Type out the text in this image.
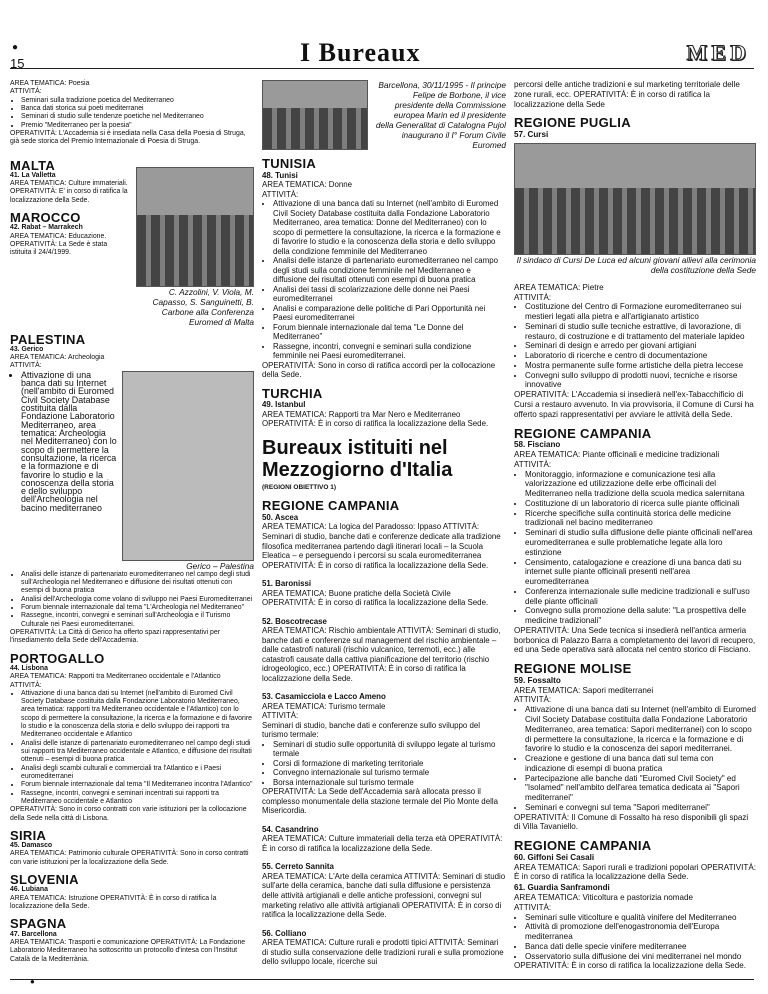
●
15	I Bureaux	MED

AREA TEMATICA: Poesia

ATTIVITÀ:

• Seminari sulla tradizione poetica del Mediterraneo
• Banca dati storica sui poeti mediterranei
• Seminari di studio sulle tendenze poetiche nel Mediterraneo
• Premio "Mediterraneo per la poesia"

OPERATIVITÀ: L'Accademia si è insediata nella Casa della Poesia di Struga, già sede storica del Premio Internazionale di Poesia di Struga.

MALTA
41. La Valletta

AREA TEMATICA: Culture immateriali. OPERATIVITÀ: E' in corso di ratifica la localizzazione della Sede.

MAROCCO
42. Rabat – Marrakech

AREA TEMATICA: Educazione. OPERATIVITÀ: La Sede è stata istituita il 24/4/1999.

C. Azzolini, V. Viola, M. Capasso, S. Sanguinetti, B. Carbone alla Conferenza Euromed di Malta
PALESTINA
43. Gerico

AREA TEMATICA: Archeologia

ATTIVITÀ:

• Attivazione di una banca dati su Internet (nell'ambito di Euromed Civil Society Database costituita dalla Fondazione Laboratorio Mediterraneo, area tematica: Archeologia nel Mediterraneo) con lo scopo di permettere la consultazione, la ricerca e la formazione e di favorire lo studio e la conoscenza della storia e dello sviluppo dell'Archeologia nel bacino mediterraneo
Gerico – Palestina
• Analisi delle istanze di partenariato euromediterraneo nel campo degli studi sull'Archeologia nel Mediterraneo e diffusione dei risultati ottenuti con esempi di buona pratica
• Analisi dell'Archeologia come volano di sviluppo nei Paesi Euromediterranei
• Forum biennale internazionale dal tema "L'Archeologia nel Mediterraneo"
• Rassegne, incontri, convegni e seminari sull'Archeologia e il Turismo Culturale nei Paesi euromediterranei.

OPERATIVITÀ: La Città di Gerico ha offerto spazi rappresentativi per l'insediamento della Sede dell'Accademia.

PORTOGALLO
44. Lisbona

AREA TEMATICA: Rapporti tra Mediterraneo occidentale e l'Atlantico

ATTIVITÀ:

• Attivazione di una banca dati su Internet (nell'ambito di Euromed Civil Society Database costituita dalla Fondazione Laboratorio Mediterraneo, area tematica: rapporti tra Mediterraneo occidentale e l'Atlantico) con lo scopo di permettere la consultazione, la ricerca e la formazione e di favorire lo studio e la conoscenza della storia e dello sviluppo dei rapporti tra Mediterraneo occidentale e Atlantico
• Analisi delle istanze di partenariato euromediterraneo nel campo degli studi sui rapporti tra Mediterraneo occidentale e Atlantico, e diffusione dei risultati ottenuti – esempi di buona pratica
• Analisi degli scambi culturali e commerciali tra l'Atlantico e i Paesi euromediterranei
• Forum biennale internazionale dal tema "Il Mediterraneo incontra l'Atlantico"
• Rassegne, incontri, convegni e seminari incentrati sui rapporti tra Mediterraneo occidentale e Atlantico

OPERATIVITÀ: Sono in corso contratti con varie istituzioni per la collocazione della Sede nella città di Lisbona.

SIRIA
45. Damasco

AREA TEMATICA: Patrimonio culturale OPERATIVITÀ: Sono in corso contratti con varie istituzioni per la localizzazione della Sede.

SLOVENIA
46. Lubiana

AREA TEMATICA: Istruzione OPERATIVITÀ: È in corso di ratifica la localizzazione della Sede.

SPAGNA
47. Barcellona

AREA TEMATICA: Trasporti e comunicazione OPERATIVITÀ: La Fondazione Laboratorio Mediterraneo ha sottoscritto un protocollo d'intesa con l'Institut Català de la Mediterrània.

Barcellona, 30/11/1995 - Il principe Felipe de Borbone, il vice presidente della Commissione europea Marin ed il presidente della Generalitat di Catalogna Pujol inaugurano il I° Forum Civile Euromed
TUNISIA
48. Tunisi

AREA TEMATICA: Donne

ATTIVITÀ:

• Attivazione di una banca dati su Internet (nell'ambito di Euromed Civil Society Database costituita dalla Fondazione Laboratorio Mediterraneo, area tematica: Donne del Mediterraneo) con lo scopo di permettere la consultazione, la ricerca e la formazione e di favorire lo studio e la conoscenza della storia e dello sviluppo della condizione femminile del Mediterraneo
• Analisi delle istanze di partenariato euromediterraneo nel campo degli studi sulla condizione femminile nel Mediterraneo e diffusione dei risultati ottenuti con esempi di buona pratica
• Analisi dei tassi di scolarizzazione delle donne nei Paesi euromediterranei
• Analisi e comparazione delle politiche di Pari Opportunità nei Paesi euromediterranei
• Forum biennale internazionale dal tema "Le Donne del Mediterraneo"
• Rassegne, incontri, convegni e seminari sulla condizione femminile nei Paesi euromediterranei.

OPERATIVITÀ: Sono in corso di ratifica accordi per la collocazione della Sede.

TURCHIA
49. Istanbul

AREA TEMATICA: Rapporti tra Mar Nero e Mediterraneo OPERATIVITÀ: È in corso di ratifica la localizzazione della Sede.

Bureaux istituiti nel Mezzogiorno d'Italia
(REGIONI OBIETTIVO 1)
REGIONE CAMPANIA
50. Ascea

AREA TEMATICA: La logica del Paradosso: Ippaso ATTIVITÀ: Seminari di studio, banche dati e conferenze dedicate alla tradizione filosofica mediterranea partendo dagli itinerari locali – la Scuola Eleatica – e perseguendo i percorsi su scala euromediterranea OPERATIVITÀ: È in corso di ratifica la localizzazione della Sede.

51. Baronissi

AREA TEMATICA: Buone pratiche della Società Civile OPERATIVITÀ: È in corso di ratifica la localizzazione della Sede.

52. Boscotrecase

AREA TEMATICA: Rischio ambientale ATTIVITÀ: Seminari di studio, banche dati e conferenze sul management del rischio ambientale – dalle catastrofi naturali (rischio vulcanico, terremoti, ecc.) alle catastrofi causate dalla cattiva pianificazione del territorio (rischio idrogeologico, ecc.) OPERATIVITÀ: È in corso di ratifica la localizzazione della Sede.

53. Casamicciola e Lacco Ameno

AREA TEMATICA: Turismo termale

ATTIVITÀ:

Seminari di studio, banche dati e conferenze sullo sviluppo del turismo termale:

• Seminari di studio sulle opportunità di sviluppo legate al turismo termale
• Corsi di formazione di marketing territoriale
• Convegno internazionale sul turismo termale
• Borsa internazionale sul turismo termale

OPERATIVITÀ: La Sede dell'Accademia sarà allocata presso il complesso monumentale della stazione termale del Pio Monte della Misericordia.

54. Casandrino

AREA TEMATICA: Culture immateriali della terza età OPERATIVITÀ: È in corso di ratifica la localizzazione della Sede.

55. Cerreto Sannita

AREA TEMATICA: L'Arte della ceramica ATTIVITÀ: Seminari di studio sull'arte della ceramica, banche dati sulla diffusione e persistenza delle attività artigianali e delle antiche professioni, convegni sul marketing relativo alle attività artigianali OPERATIVITÀ: È in corso di ratifica la localizzazione della Sede.

56. Colliano

AREA TEMATICA: Culture rurali e prodotti tipici ATTIVITÀ: Seminari di studio sulla conservazione delle tradizioni rurali e sulla promozione dello sviluppo locale, ricerche sui

percorsi delle antiche tradizioni e sul marketing territoriale delle zone rurali, ecc. OPERATIVITÀ: È in corso di ratifica la localizzazione della Sede

REGIONE PUGLIA
57. Cursi
Il sindaco di Cursi De Luca ed alcuni giovani allievi alla cerimonia della costituzione della Sede

AREA TEMATICA: Pietre

ATTIVITÀ:

• Costituzione del Centro di Formazione euromediterraneo sui mestieri legati alla pietra e all'artigianato artistico
• Seminari di studio sulle tecniche estrattive, di lavorazione, di restauro, di costruzione e di trattamento del materiale lapideo
• Seminari di design e arredo per giovani artigiani
• Laboratorio di ricerche e centro di documentazione
• Mostra permanente sulle forme artistiche della pietra leccese
• Convegni sullo sviluppo di prodotti nuovi, tecniche e risorse innovative

OPERATIVITÀ: L'Accademia si insedierà nell'ex-Tabacchificio di Cursi a restauro avvenuto. In via provvisoria, il Comune di Cursi ha offerto spazi rappresentativi per avviare le attività della Sede.

REGIONE CAMPANIA
58. Fisciano

AREA TEMATICA: Piante officinali e medicine tradizionali

ATTIVITÀ:

• Monitoraggio, informazione e comunicazione tesi alla valorizzazione ed utilizzazione delle erbe officinali del Mediterraneo nella tradizione della scuola medica salernitana
• Costituzione di un laboratorio di ricerca sulle piante officinali
• Ricerche specifiche sulla continuità storica delle medicine tradizionali nel bacino mediterraneo
• Seminari di studio sulla diffusione delle piante officinali nell'area euromediterranea e sulle problematiche legate alla loro estinzione
• Censimento, catalogazione e creazione di una banca dati su internet sulle piante officinali presenti nell'area euromediterranea
• Conferenza internazionale sulle medicine tradizionali e sull'uso delle piante officinali
• Convegno sulla promozione della salute: "La prospettiva delle medicine tradizionali"

OPERATIVITÀ: Una Sede tecnica si insedierà nell'antica armeria borbonica di Palazzo Barra a completamento dei lavori di recupero, ed una Sede operativa sarà allocata nel centro storico di Fisciano.

REGIONE MOLISE
59. Fossalto

AREA TEMATICA: Sapori mediterranei

ATTIVITÀ:

• Attivazione di una banca dati su Internet (nell'ambito di Euromed Civil Society Database costituita dalla Fondazione Laboratorio Mediterraneo, area tematica: Sapori mediterranei) con lo scopo di permettere la consultazione, la ricerca e la formazione e di favorire lo studio e la conoscenza dei sapori mediterranei.
• Creazione e gestione di una banca dati sul tema con indicazione di esempi di buona pratica
• Partecipazione alle banche dati "Euromed Civil Society" ed "Isolamed" nell'ambito dell'area tematica dedicata ai "Sapori mediterranei"
• Seminari e convegni sul tema "Sapori mediterranei"

OPERATIVITÀ: Il Comune di Fossalto ha reso disponibili gli spazi di Villa Tavaniello.

REGIONE CAMPANIA
60. Giffoni Sei Casali

AREA TEMATICA: Sapori rurali e tradizioni popolari OPERATIVITÀ: È in corso di ratifica la localizzazione della Sede.

61. Guardia Sanframondi

AREA TEMATICA: Viticoltura e pastorizia nomade

ATTIVITÀ:

• Seminari sulle viticolture e qualità vinifere del Mediterraneo
• Attività di promozione dell'enogastronomia dell'Europa mediterranea
• Banca dati delle specie vinifere mediterranee
• Osservatorio sulla diffusione dei vini mediterranei nel mondo

OPERATIVITÀ: È in corso di ratifica la localizzazione della Sede.

●
